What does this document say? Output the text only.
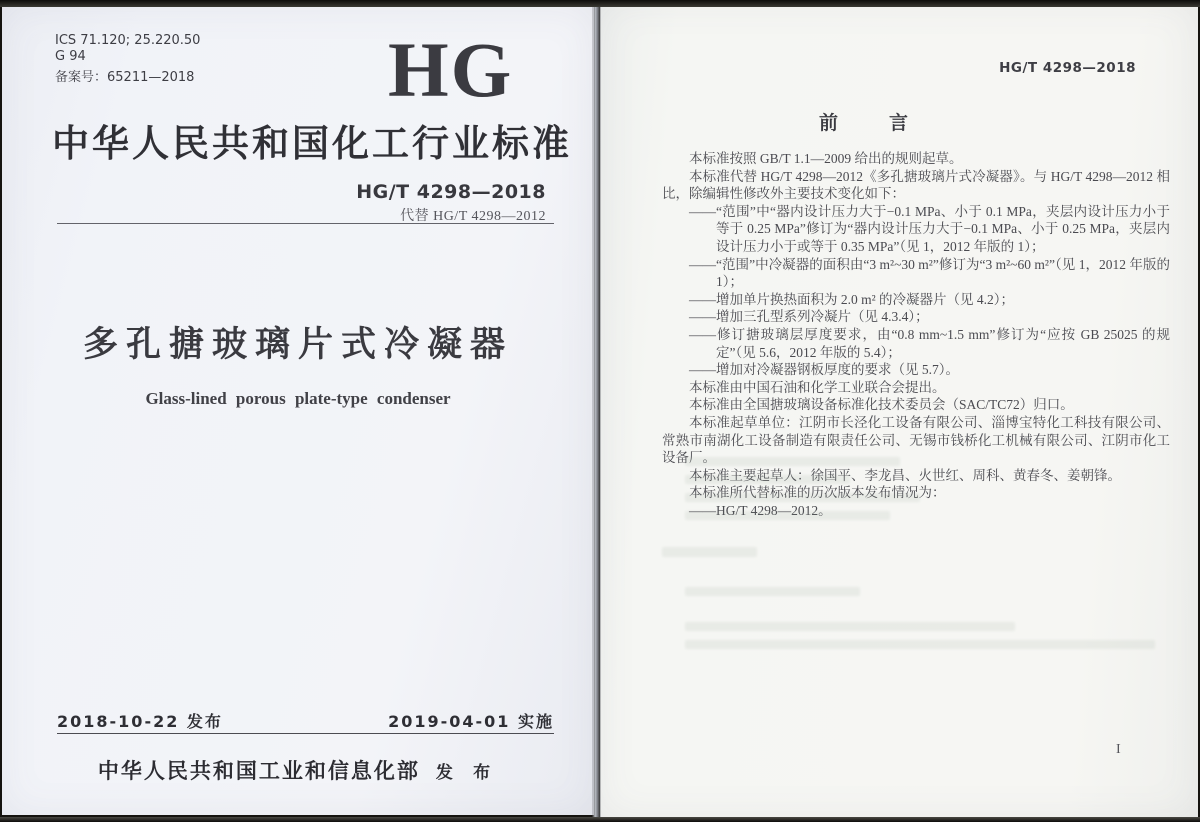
ICS 71.120; 25.220.50
G 94
备案号：65211—2018 HG
中华人民共和国化工行业标准
HG/T 4298—2018
代替 HG/T 4298—2012
多孔搪玻璃片式冷凝器
Glass-lined porous plate-type condenser
2018-10-22 发布	2019-04-01 实施
中华人民共和国工业和信息化部 发 布
HG/T 4298—2018
前　言

本标准按照 GB/T 1.1—2009 给出的规则起草。

本标准代替 HG/T 4298—2012《多孔搪玻璃片式冷凝器》。与 HG/T 4298—2012 相比，除编辑性修改外主要技术变化如下：

——“范围”中“器内设计压力大于−0.1 MPa、小于 0.1 MPa，夹层内设计压力小于等于 0.25 MPa”修订为“器内设计压力大于−0.1 MPa、小于 0.25 MPa，夹层内设计压力小于或等于 0.35 MPa”（见 1，2012 年版的 1）；

——“范围”中冷凝器的面积由“3 m²~30 m²”修订为“3 m²~60 m²”（见 1，2012 年版的 1）；

——增加单片换热面积为 2.0 m² 的冷凝器片（见 4.2）；

——增加三孔型系列冷凝片（见 4.3.4）；

——修订搪玻璃层厚度要求，由“0.8 mm~1.5 mm”修订为“应按 GB 25025 的规定”（见 5.6，2012 年版的 5.4）；

——增加对冷凝器钢板厚度的要求（见 5.7）。

本标准由中国石油和化学工业联合会提出。

本标准由全国搪玻璃设备标准化技术委员会（SAC/TC72）归口。

本标准起草单位：江阴市长泾化工设备有限公司、淄博宝特化工科技有限公司、常熟市南湖化工设备制造有限责任公司、无锡市钱桥化工机械有限公司、江阴市化工设备厂。

本标准主要起草人：徐国平、李龙昌、火世红、周科、黄春冬、姜朝锋。

本标准所代替标准的历次版本发布情况为：

——HG/T 4298—2012。

I
